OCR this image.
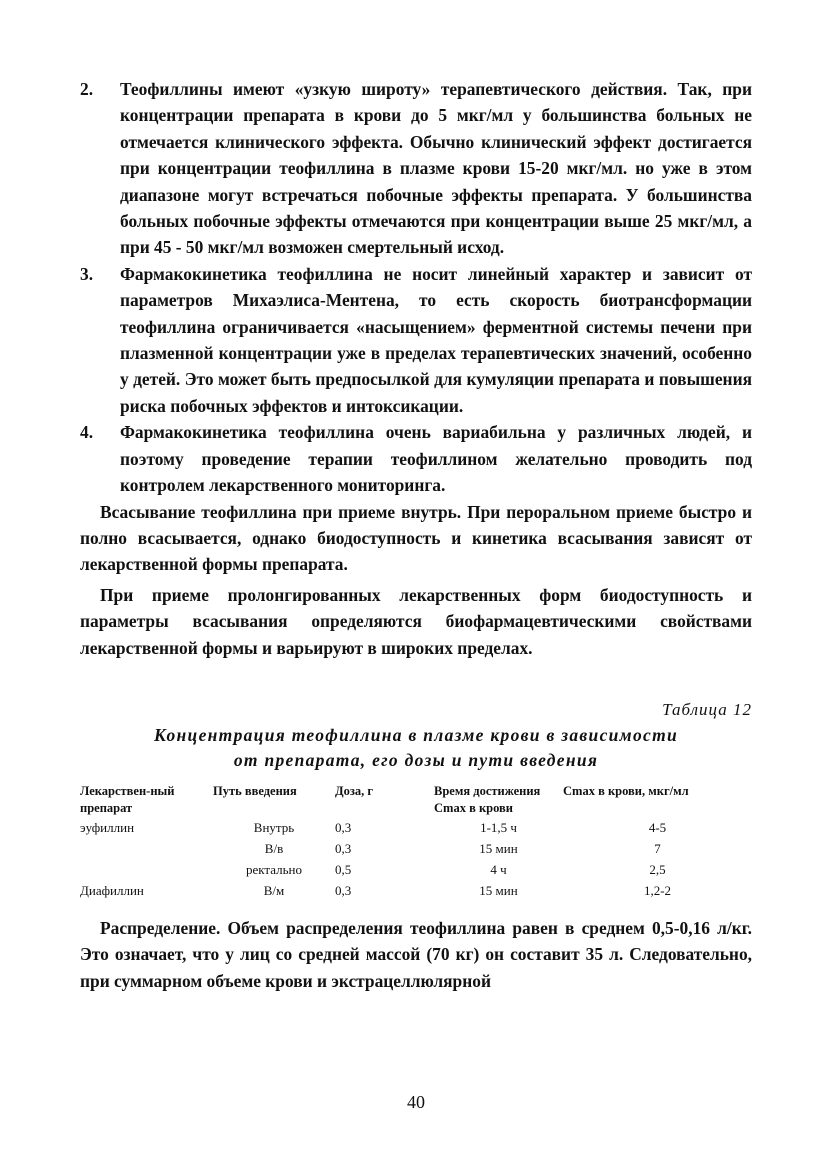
2.	Теофиллины имеют «узкую широту» терапевтического действия. Так, при концентрации препарата в крови до 5 мкг/мл у большинства больных не отмечается клинического эффекта. Обычно клинический эффект достигается при концентрации теофиллина в плазме крови 15-20 мкг/мл. но уже в этом диапазоне могут встречаться побочные эффекты препарата. У большинства больных побочные эффекты отмечаются при концентрации выше 25 мкг/мл, а при 45 - 50 мкг/мл возможен смертельный исход.
3.	Фармакокинетика теофиллина не носит линейный характер и зависит от параметров Михаэлиса-Ментена, то есть скорость биотрансформации теофиллина ограничивается «насыщением» ферментной системы печени при плазменной концентрации уже в пределах терапевтических значений, особенно у детей. Это может быть предпосылкой для кумуляции препарата и повышения риска побочных эффектов и интоксикации.
4.	Фармакокинетика теофиллина очень вариабильна у различных людей, и поэтому проведение терапии теофиллином желательно проводить под контролем лекарственного мониторинга.

Всасывание теофиллина при приеме внутрь. При пероральном приеме быстро и полно всасывается, однако биодоступность и кинетика всасывания зависят от лекарственной формы препарата.

При приеме пролонгированных лекарственных форм биодоступность и параметры всасывания определяются биофармацевтическими свойствами лекарственной формы и варьируют в широких пределах.

Таблица 12
Концентрация теофиллина в плазме крови в зависимости
от препарата, его дозы и пути введения
Лекарствен-ный препарат	Путь введения	Доза, г	Время достижения Cmax в крови	Cmax в крови, мкг/мл
эуфиллин	Внутрь	0,3	1-1,5 ч	4-5
	В/в	0,3	15 мин	7
	ректально	0,5	4 ч	2,5
Диафиллин	В/м	0,3	15 мин	1,2-2

Распределение. Объем распределения теофиллина равен в среднем 0,5-0,16 л/кг. Это означает, что у лиц со средней массой (70 кг) он составит 35 л. Следовательно, при суммарном объеме крови и экстрацеллюлярной

40
